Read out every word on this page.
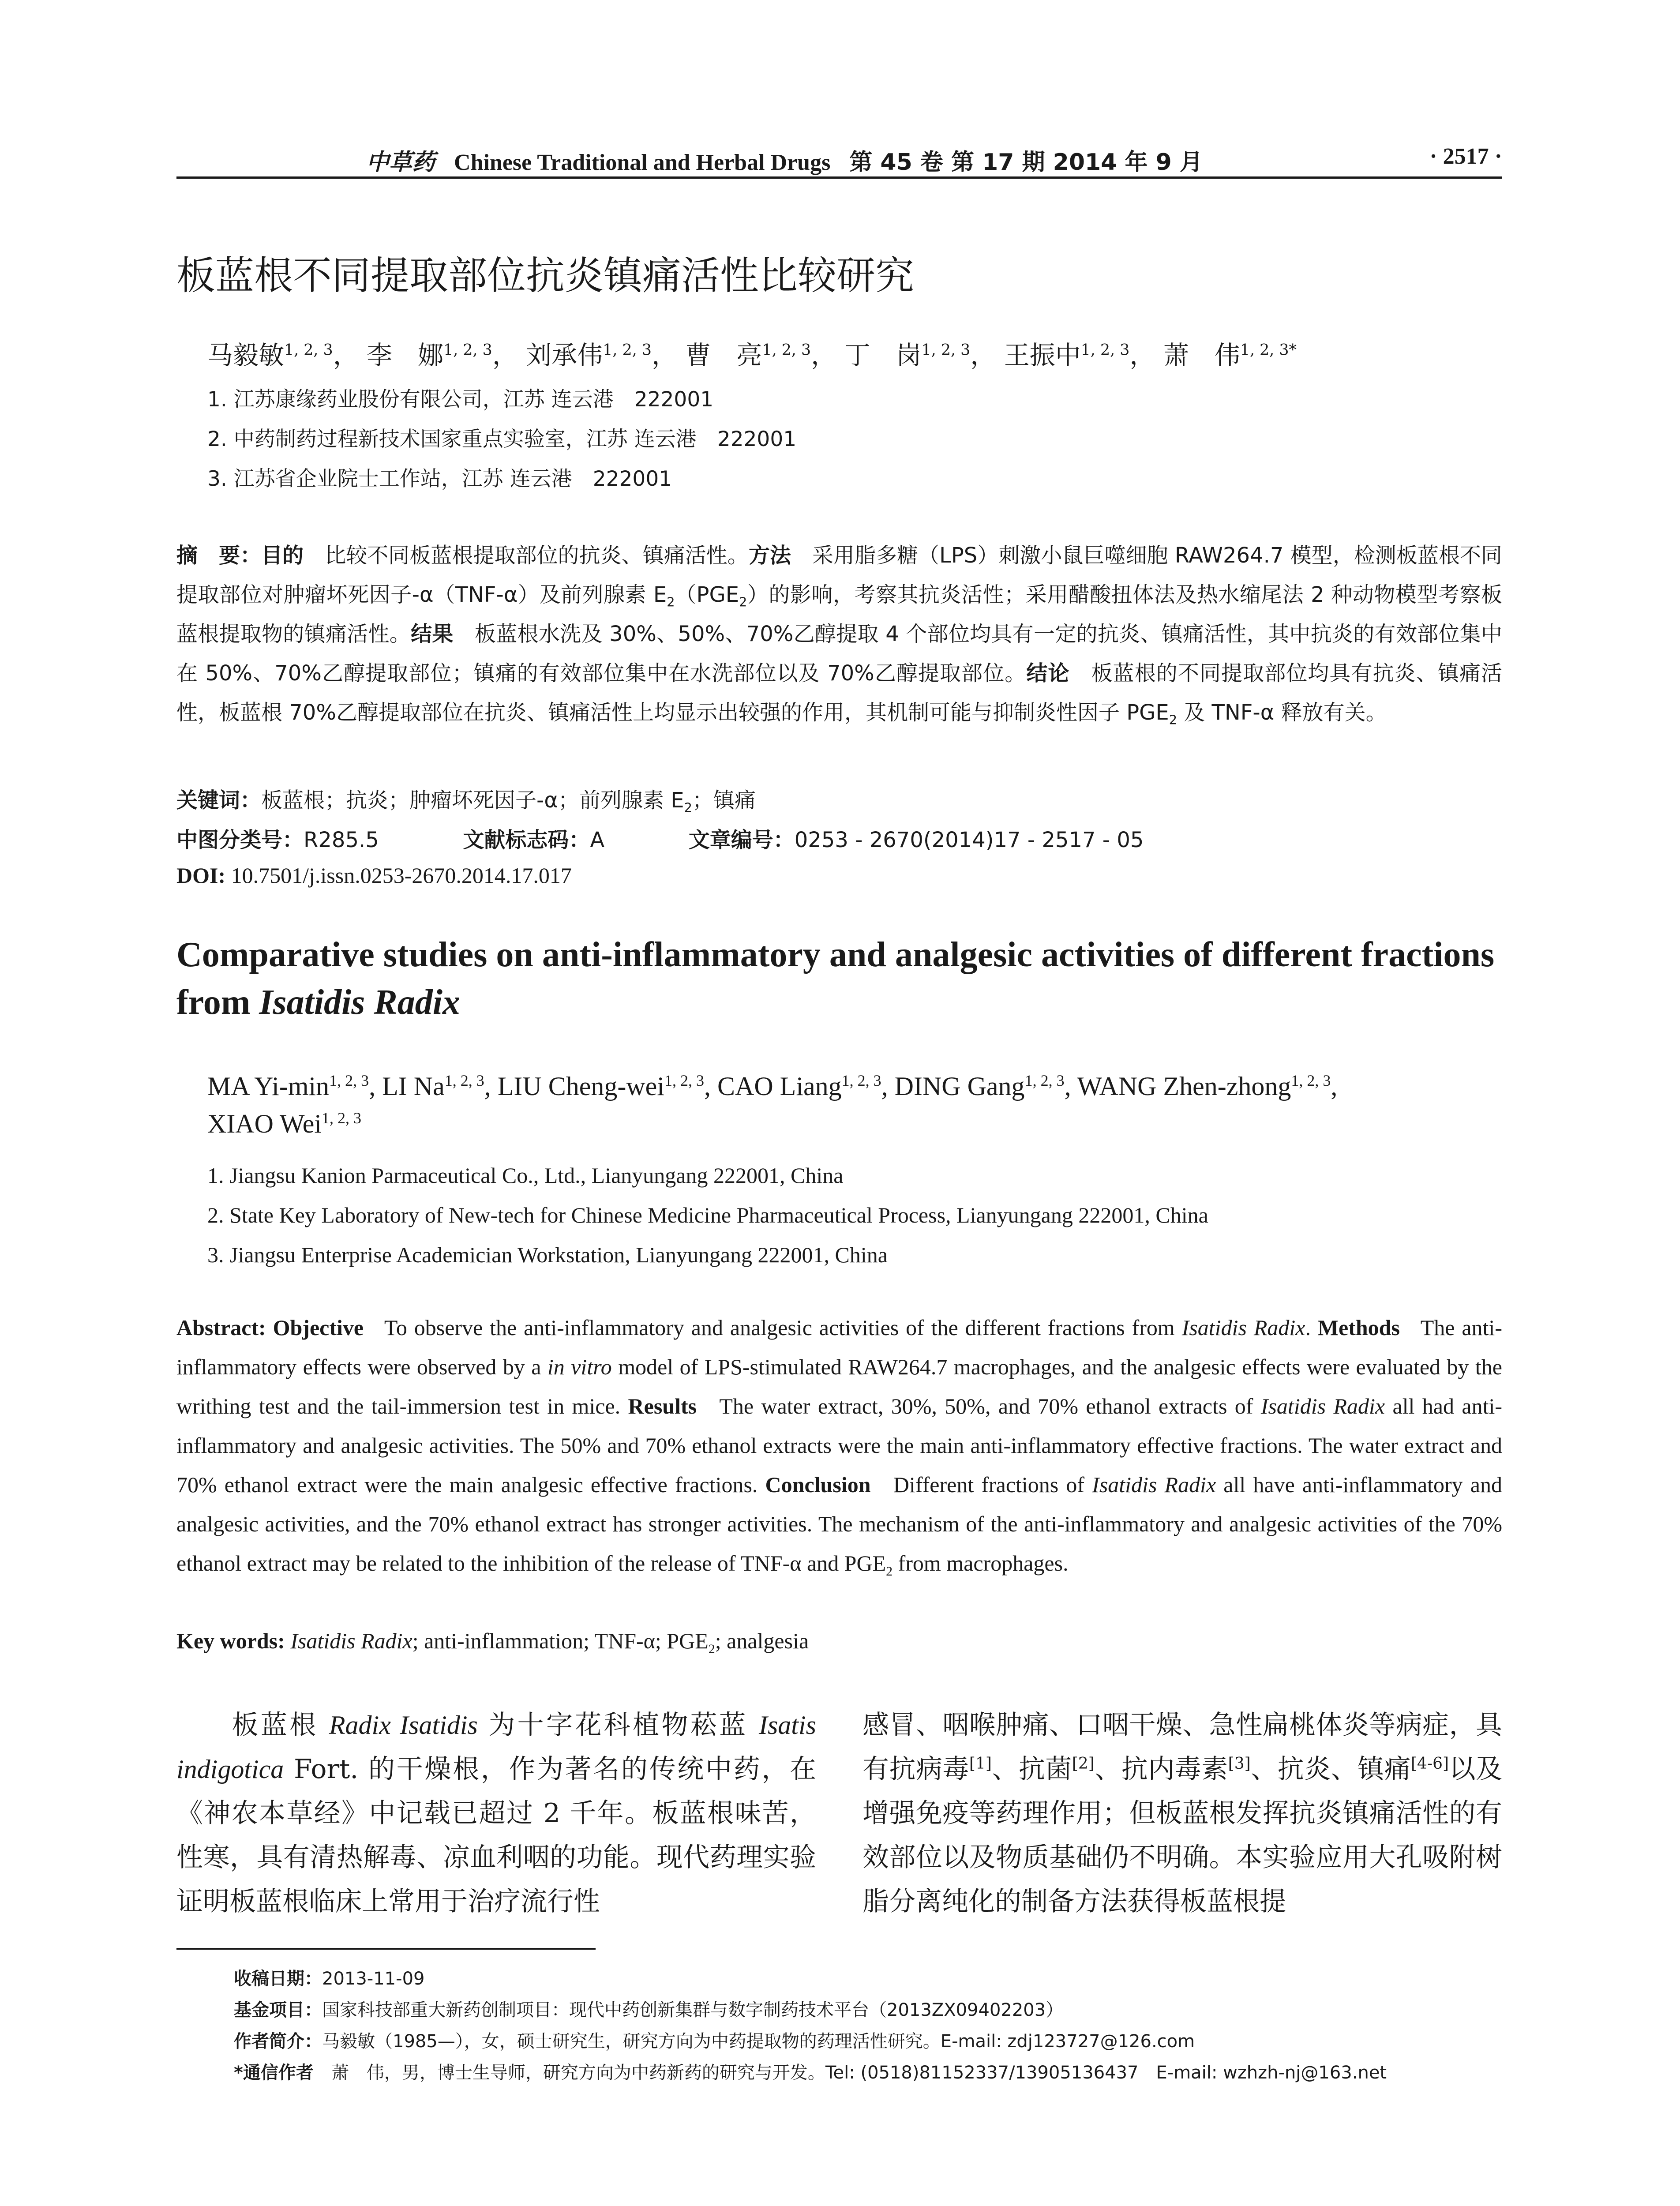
中草药 Chinese Traditional and Herbal Drugs 第 45 卷 第 17 期 2014 年 9 月	· 2517 ·
板蓝根不同提取部位抗炎镇痛活性比较研究
马毅敏$^{1, 2, 3}$， 李　娜$^{1, 2, 3}$， 刘承伟$^{1, 2, 3}$， 曹　亮$^{1, 2, 3}$， 丁　岗$^{1, 2, 3}$， 王振中$^{1, 2, 3}$， 萧　伟$^{1, 2, 3*}$
1. 江苏康缘药业股份有限公司，江苏 连云港　222001
2. 中药制药过程新技术国家重点实验室，江苏 连云港　222001
3. 江苏省企业院士工作站，江苏 连云港　222001
摘　要：目的　 比较不同板蓝根提取部位的抗炎、镇痛活性。方法　 采用脂多糖（LPS）刺激小鼠巨噬细胞 RAW264.7 模型，检测板蓝根不同提取部位对肿瘤坏死因子-α（TNF-α）及前列腺素 $E_2(PGE_2)$的影响，考察其抗炎活性；采用醋酸扭体法及热水缩尾法 2 种动物模型考察板蓝根提取物的镇痛活性。结果　 板蓝根水洗及 30%、50%、70%乙醇提取 4 个部位均具有一定的抗炎、镇痛活性，其中抗炎的有效部位集中在 50%、70%乙醇提取部位；镇痛的有效部位集中在水洗部位以及 70%乙醇提取部位。结论　 板蓝根的不同提取部位均具有抗炎、镇痛活性，板蓝根 70%乙醇提取部位在抗炎、镇痛活性上均显示出较强的作用，其机制可能与抑制炎性因子 $PGE_2$ 及 TNF-α 释放有关。
关键词：板蓝根；抗炎；肿瘤坏死因子-α；前列腺素 $E_2$；镇痛
中图分类号：R285.5	文献标志码：A	文章编号：0253 - 2670(2014)17 - 2517 - 05
DOI: 10.7501/j.issn.0253-2670.2014.17.017
Comparative studies on anti-inflammatory and analgesic activities of different fractions from Isatidis Radix
MA $Yi-\min^{1, 2, 3}$, LI Na$^{1, 2, 3}$, LIU Cheng-wei$^{1, 2, 3}$, CAO Liang$^{1, 2, 3}$, DING Gang$^{1, 2, 3}$, WANG Zhen-zhong$^{1, 2, 3}$,
XIAO Wei$^{1, 2, 3}$
1. Jiangsu Kanion Parmaceutical Co., Ltd., Lianyungang 222001, China
2. State Key Laboratory of New-tech for Chinese Medicine Pharmaceutical Process, Lianyungang 222001, China
3. Jiangsu Enterprise Academician Workstation, Lianyungang 222001, China
Abstract: Objective To observe the anti-inflammatory and analgesic activities of the different fractions from Isatidis Radix. Methods The anti-inflammatory effects were observed by a in vitro model of LPS-stimulated RAW264.7 macrophages, and the analgesic effects were evaluated by the writhing test and the tail-immersion test in mice. Results The water extract, 30%, 50%, and 70% ethanol extracts of Isatidis Radix all had anti-inflammatory and analgesic activities. The 50% and 70% ethanol extracts were the main anti-inflammatory effective fractions. The water extract and 70% ethanol extract were the main analgesic effective fractions. Conclusion Different fractions of Isatidis Radix all have anti-inflammatory and analgesic activities, and the 70% ethanol extract has stronger activities. The mechanism of the anti-inflammatory and analgesic activities of the 70% ethanol extract may be related to the inhibition of the release of TNF-α and $PGE_2$ from macrophages.
Key words: Isatidis Radix; anti-inflammation; TNF-α; $PGE_2$; analgesia
板蓝根 Radix Isatidis 为十字花科植物菘蓝 Isatis indigotica Fort. 的干燥根，作为著名的传统中药，在《神农本草经》中记载已超过 2 千年。板蓝根味苦，性寒，具有清热解毒、凉血利咽的功能。现代药理实验证明板蓝根临床上常用于治疗流行性
感冒、咽喉肿痛、口咽干燥、急性扁桃体炎等病症，具有抗病毒[1]、抗菌[2]、抗内毒素[3]、抗炎、镇痛[4-6]以及增强免疫等药理作用；但板蓝根发挥抗炎镇痛活性的有效部位以及物质基础仍不明确。本实验应用大孔吸附树脂分离纯化的制备方法获得板蓝根提
收稿日期：2013-11-09
基金项目：国家科技部重大新药创制项目：现代中药创新集群与数字制药技术平台（2013ZX09402203）
作者简介：马毅敏（1985—），女，硕士研究生，研究方向为中药提取物的药理活性研究。E-mail: zdj123727@126.com
*通信作者　 萧　伟，男，博士生导师，研究方向为中药新药的研究与开发。Tel: (0518)81152337/13905136437　E-mail: wzhzh-nj@163.net
